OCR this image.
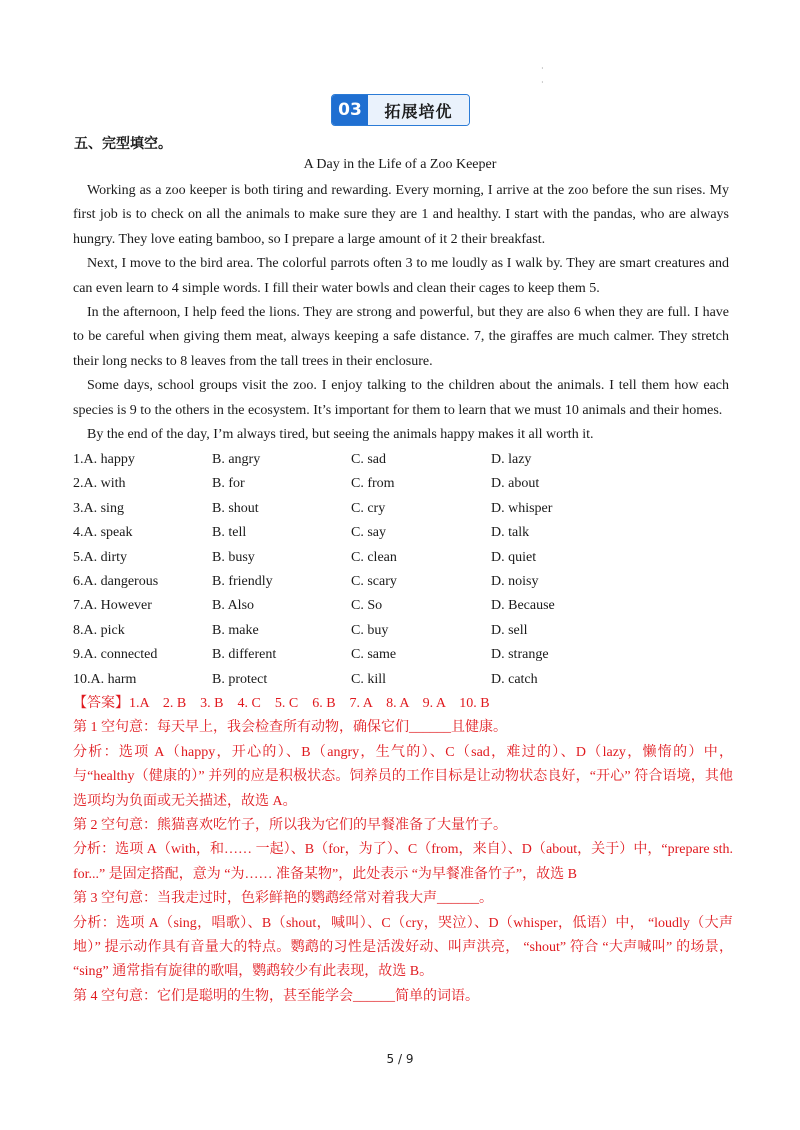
·
·
03	拓展培优
五、完型填空。
A Day in the Life of a Zoo Keeper

Working as a zoo keeper is both tiring and rewarding. Every morning, I arrive at the zoo before the sun rises. My first job is to check on all the animals to make sure they are 1 and healthy. I start with the pandas, who are always hungry. They love eating bamboo, so I prepare a large amount of it 2 their breakfast.

Next, I move to the bird area. The colorful parrots often 3 to me loudly as I walk by. They are smart creatures and can even learn to 4 simple words. I fill their water bowls and clean their cages to keep them 5.

In the afternoon, I help feed the lions. They are strong and powerful, but they are also 6 when they are full. I have to be careful when giving them meat, always keeping a safe distance. 7, the giraffes are much calmer. They stretch their long necks to 8 leaves from the tall trees in their enclosure.

Some days, school groups visit the zoo. I enjoy talking to the children about the animals. I tell them how each species is 9 to the others in the ecosystem. It’s important for them to learn that we must 10 animals and their homes.

By the end of the day, I’m always tired, but seeing the animals happy makes it all worth it.

1.A. happy	B. angry	C. sad	D. lazy
2.A. with	B. for	C. from	D. about
3.A. sing	B. shout	C. cry	D. whisper
4.A. speak	B. tell	C. say	D. talk
5.A. dirty	B. busy	C. clean	D. quiet
6.A. dangerous	B. friendly	C. scary	D. noisy
7.A. However	B. Also	C. So	D. Because
8.A. pick	B. make	C. buy	D. sell
9.A. connected	B. different	C. same	D. strange
10.A. harm	B. protect	C. kill	D. catch
【答案】1.A　2. B　3. B　4. C　5. C　6. B　7. A　8. A　9. A　10. B
第 1 空句意：每天早上，我会检查所有动物，确保它们______且健康。
分析：选项 A（happy，开心的）、B（angry，生气的）、C（sad，难过的）、D（lazy，懒惰的）中，与“healthy（健康的）” 并列的应是积极状态。饲养员的工作目标是让动物状态良好，“开心” 符合语境，其他选项均为负面或无关描述，故选 A。
第 2 空句意：熊猫喜欢吃竹子，所以我为它们的早餐准备了大量竹子。
分析：选项 A（with，和…… 一起）、B（for，为了）、C（from，来自）、D（about，关于）中，“prepare sth. for...” 是固定搭配，意为 “为…… 准备某物”，此处表示 “为早餐准备竹子”，故选 B
第 3 空句意：当我走过时，色彩鲜艳的鹦鹉经常对着我大声______。
分析：选项 A（sing，唱歌）、B（shout，喊叫）、C（cry，哭泣）、D（whisper，低语）中， “loudly（大声地）” 提示动作具有音量大的特点。鹦鹉的习性是活泼好动、叫声洪亮， “shout” 符合 “大声喊叫” 的场景， “sing” 通常指有旋律的歌唱，鹦鹉较少有此表现，故选 B。
第 4 空句意：它们是聪明的生物，甚至能学会______简单的词语。
5 / 9
